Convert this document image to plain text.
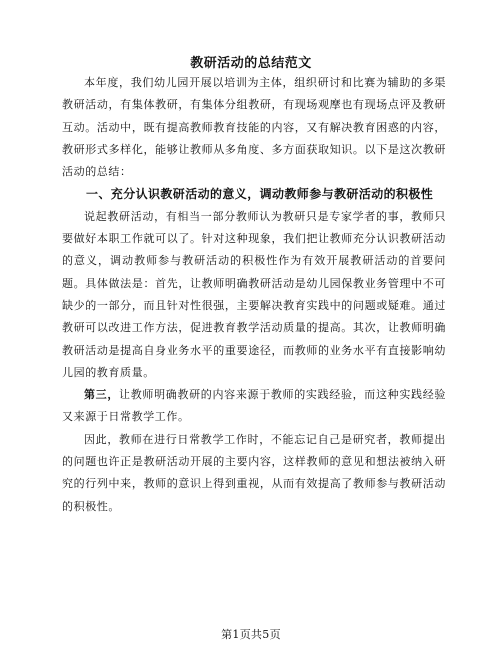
教研活动的总结范文

本年度，我们幼儿园开展以培训为主体，组织研讨和比赛为辅助的多渠教研活动，有集体教研，有集体分组教研，有现场观摩也有现场点评及教研互动。活动中，既有提高教师教育技能的内容，又有解决教育困惑的内容，教研形式多样化，能够让教师从多角度、多方面获取知识。以下是这次教研活动的总结：

一、充分认识教研活动的意义，调动教师参与教研活动的积极性

说起教研活动，有相当一部分教师认为教研只是专家学者的事，教师只要做好本职工作就可以了。针对这种现象，我们把让教师充分认识教研活动的意义，调动教师参与教研活动的积极性作为有效开展教研活动的首要问题。具体做法是：首先，让教师明确教研活动是幼儿园保教业务管理中不可缺少的一部分，而且针对性很强，主要解决教育实践中的问题或疑难。通过教研可以改进工作方法，促进教育教学活动质量的提高。其次，让教师明确教研活动是提高自身业务水平的重要途径，而教师的业务水平有直接影响幼儿园的教育质量。

第三，让教师明确教研的内容来源于教师的实践经验，而这种实践经验又来源于日常教学工作。

因此，教师在进行日常教学工作时，不能忘记自己是研究者，教师提出的问题也许正是教研活动开展的主要内容，这样教师的意见和想法被纳入研究的行列中来，教师的意识上得到重视，从而有效提高了教师参与教研活动的积极性。

第1页共5页
